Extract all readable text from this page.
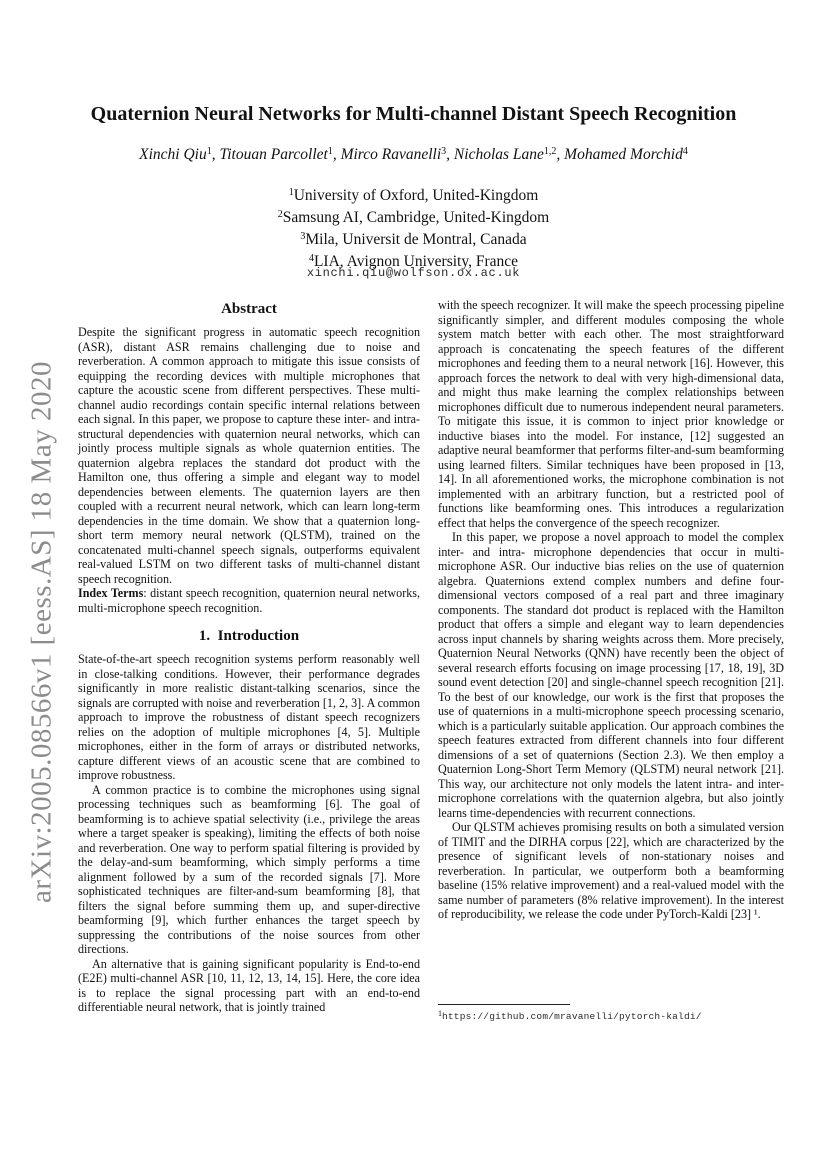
arXiv:2005.08566v1 [eess.AS] 18 May 2020
Quaternion Neural Networks for Multi-channel Distant Speech Recognition
Xinchi Qiu$^1$, Titouan Parcollet$^1$, Mirco Ravanelli$^3$, Nicholas Lane$^{1,2}$, Mohamed Morchid$^4$
$^1$University of Oxford, United-Kingdom
$^2$Samsung AI, Cambridge, United-Kingdom
$^3$Mila, Universit de Montral, Canada
$^4$LIA, Avignon University, France
xinchi.qiu@wolfson.ox.ac.uk
Abstract

Despite the significant progress in automatic speech recognition (ASR), distant ASR remains challenging due to noise and reverberation. A common approach to mitigate this issue consists of equipping the recording devices with multiple microphones that capture the acoustic scene from different perspectives. These multi-channel audio recordings contain specific internal relations between each signal. In this paper, we propose to capture these inter- and intra- structural dependencies with quaternion neural networks, which can jointly process multiple signals as whole quaternion entities. The quaternion algebra replaces the standard dot product with the Hamilton one, thus offering a simple and elegant way to model dependencies between elements. The quaternion layers are then coupled with a recurrent neural network, which can learn long-term dependencies in the time domain. We show that a quaternion long-short term memory neural network (QLSTM), trained on the concatenated multi-channel speech signals, outperforms equivalent real-valued LSTM on two different tasks of multi-channel distant speech recognition.

Index Terms: distant speech recognition, quaternion neural networks, multi-microphone speech recognition.

1.  Introduction

State-of-the-art speech recognition systems perform reasonably well in close-talking conditions. However, their performance degrades significantly in more realistic distant-talking scenarios, since the signals are corrupted with noise and reverberation [1, 2, 3]. A common approach to improve the robustness of distant speech recognizers relies on the adoption of multiple microphones [4, 5]. Multiple microphones, either in the form of arrays or distributed networks, capture different views of an acoustic scene that are combined to improve robustness.

A common practice is to combine the microphones using signal processing techniques such as beamforming [6]. The goal of beamforming is to achieve spatial selectivity (i.e., privilege the areas where a target speaker is speaking), limiting the effects of both noise and reverberation. One way to perform spatial filtering is provided by the delay-and-sum beamforming, which simply performs a time alignment followed by a sum of the recorded signals [7]. More sophisticated techniques are filter-and-sum beamforming [8], that filters the signal before summing them up, and super-directive beamforming [9], which further enhances the target speech by suppressing the contributions of the noise sources from other directions.

An alternative that is gaining significant popularity is End-to-end (E2E) multi-channel ASR [10, 11, 12, 13, 14, 15]. Here, the core idea is to replace the signal processing part with an end-to-end differentiable neural network, that is jointly trained

with the speech recognizer. It will make the speech processing pipeline significantly simpler, and different modules composing the whole system match better with each other. The most straightforward approach is concatenating the speech features of the different microphones and feeding them to a neural network [16]. However, this approach forces the network to deal with very high-dimensional data, and might thus make learning the complex relationships between microphones difficult due to numerous independent neural parameters. To mitigate this issue, it is common to inject prior knowledge or inductive biases into the model. For instance, [12] suggested an adaptive neural beamformer that performs filter-and-sum beamforming using learned filters. Similar techniques have been proposed in [13, 14]. In all aforementioned works, the microphone combination is not implemented with an arbitrary function, but a restricted pool of functions like beamforming ones. This introduces a regularization effect that helps the convergence of the speech recognizer.

In this paper, we propose a novel approach to model the complex inter- and intra- microphone dependencies that occur in multi-microphone ASR. Our inductive bias relies on the use of quaternion algebra. Quaternions extend complex numbers and define four-dimensional vectors composed of a real part and three imaginary components. The standard dot product is replaced with the Hamilton product that offers a simple and elegant way to learn dependencies across input channels by sharing weights across them. More precisely, Quaternion Neural Networks (QNN) have recently been the object of several research efforts focusing on image processing [17, 18, 19], 3D sound event detection [20] and single-channel speech recognition [21]. To the best of our knowledge, our work is the first that proposes the use of quaternions in a multi-microphone speech processing scenario, which is a particularly suitable application. Our approach combines the speech features extracted from different channels into four different dimensions of a set of quaternions (Section 2.3). We then employ a Quaternion Long-Short Term Memory (QLSTM) neural network [21]. This way, our architecture not only models the latent intra- and inter- microphone correlations with the quaternion algebra, but also jointly learns time-dependencies with recurrent connections.

Our QLSTM achieves promising results on both a simulated version of TIMIT and the DIRHA corpus [22], which are characterized by the presence of significant levels of non-stationary noises and reverberation. In particular, we outperform both a beamforming baseline (15% relative improvement) and a real-valued model with the same number of parameters (8% relative improvement). In the interest of reproducibility, we release the code under PyTorch-Kaldi [23] ¹.

$^1$https://github.com/mravanelli/pytorch-kaldi/
